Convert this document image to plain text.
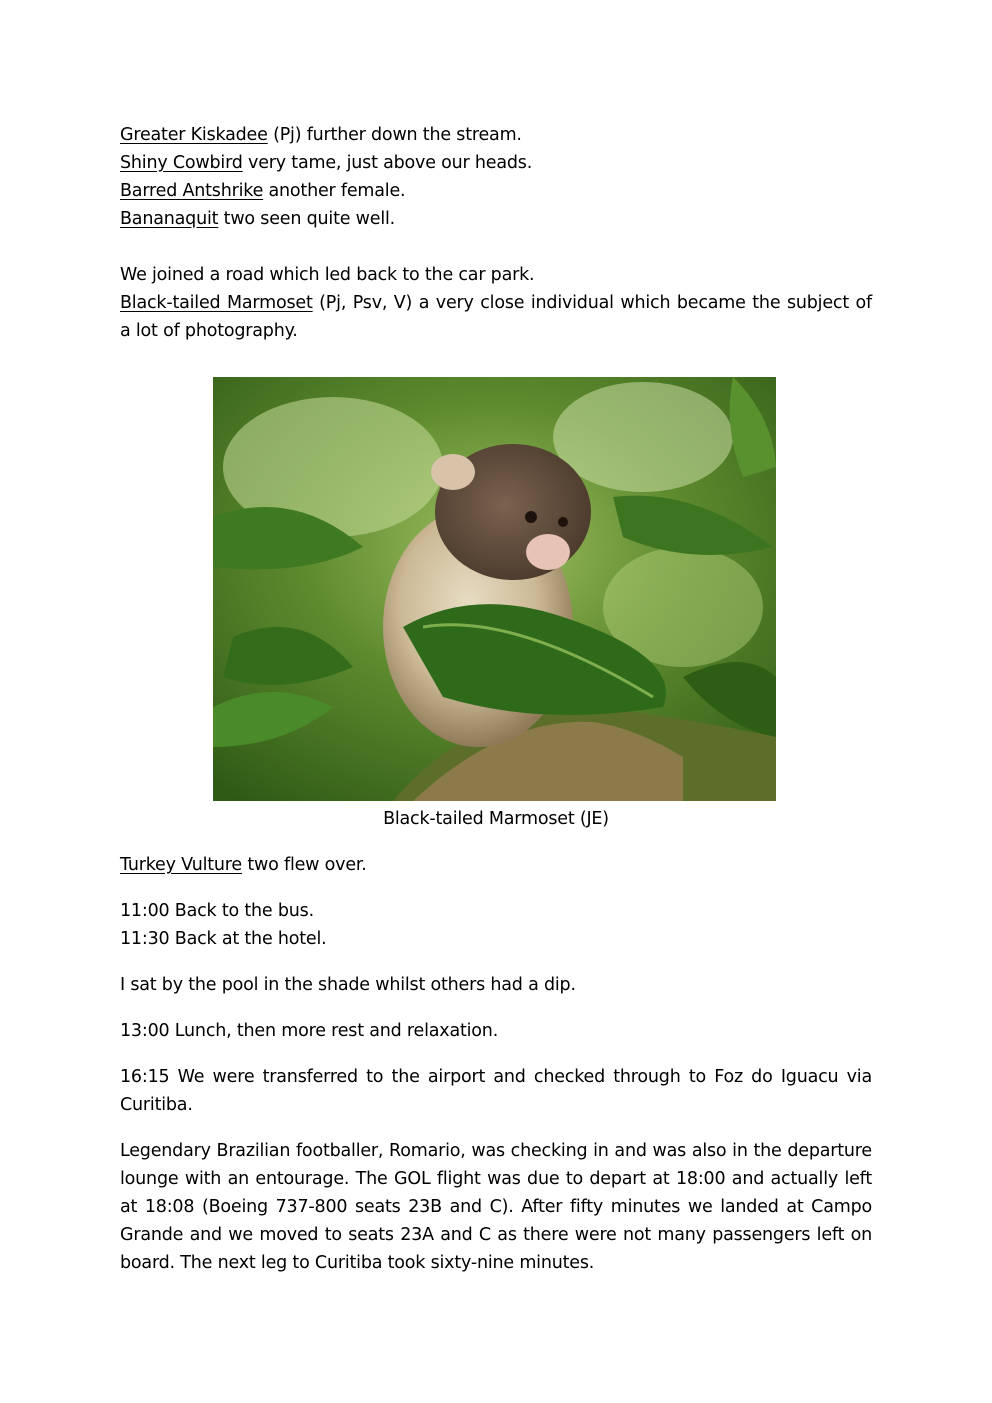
Greater Kiskadee (Pj) further down the stream.
Shiny Cowbird very tame, just above our heads.
Barred Antshrike another female.
Bananaquit two seen quite well.
We joined a road which led back to the car park.
Black-tailed Marmoset (Pj, Psv, V) a very close individual which became the subject of a lot of photography.
Black-tailed Marmoset (JE)
Turkey Vulture two flew over.
11:00 Back to the bus.
11:30 Back at the hotel.
I sat by the pool in the shade whilst others had a dip.
13:00 Lunch, then more rest and relaxation.
16:15 We were transferred to the airport and checked through to Foz do Iguacu via Curitiba.
Legendary Brazilian footballer, Romario, was checking in and was also in the departure lounge with an entourage. The GOL flight was due to depart at 18:00 and actually left at 18:08 (Boeing 737-800 seats 23B and C). After fifty minutes we landed at Campo Grande and we moved to seats 23A and C as there were not many passengers left on board. The next leg to Curitiba took sixty-nine minutes.
